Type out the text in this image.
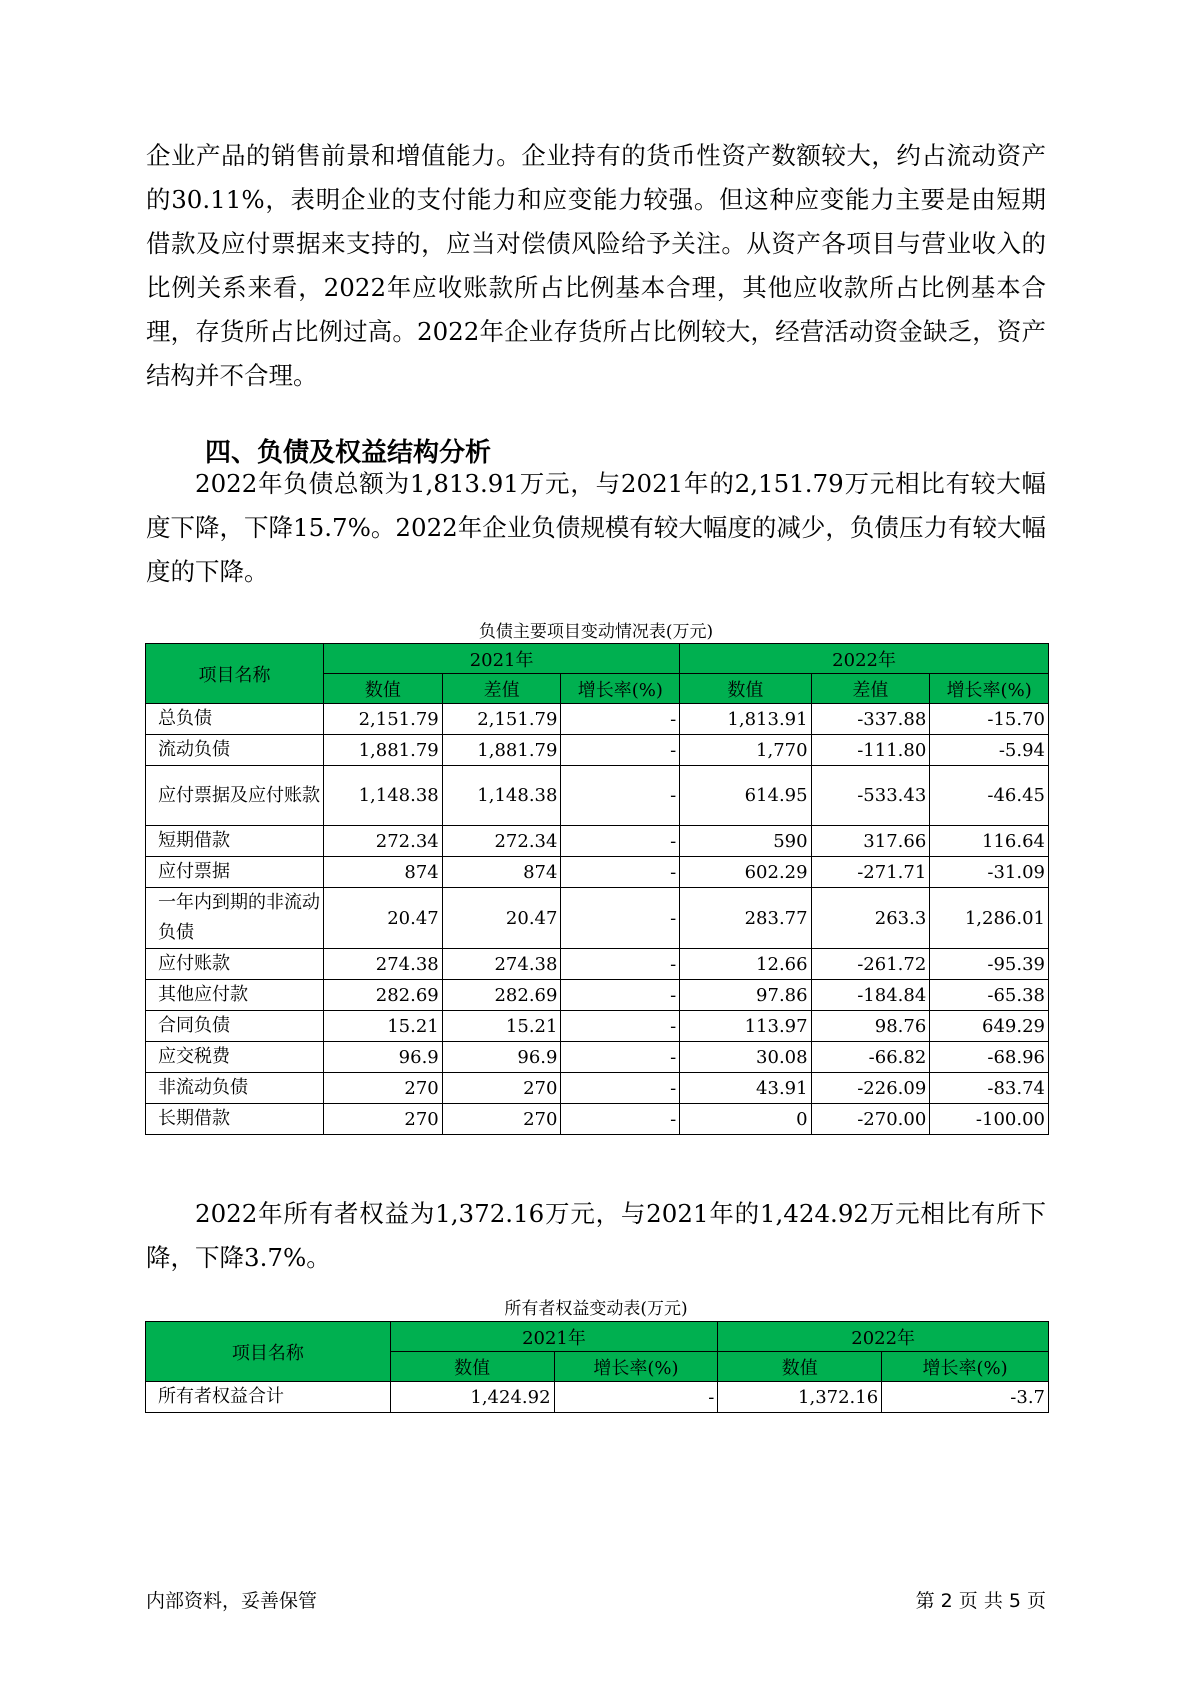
企业产品的销售前景和增值能力。企业持有的货币性资产数额较大，约占流动资产的30.11%，表明企业的支付能力和应变能力较强。但这种应变能力主要是由短期借款及应付票据来支持的，应当对偿债风险给予关注。从资产各项目与营业收入的比例关系来看，2022年应收账款所占比例基本合理，其他应收款所占比例基本合理，存货所占比例过高。2022年企业存货所占比例较大，经营活动资金缺乏，资产结构并不合理。

四、负债及权益结构分析

2022年负债总额为1,813.91万元，与2021年的2,151.79万元相比有较大幅度下降，下降15.7%。2022年企业负债规模有较大幅度的减少，负债压力有较大幅度的下降。

负债主要项目变动情况表(万元)
项目名称	2021年			2022年		
	数值	差值	增长率(%)	数值	差值	增长率(%)
总负债	2,151.79	2,151.79	-	1,813.91	-337.88	-15.70
流动负债	1,881.79	1,881.79	-	1,770	-111.80	-5.94
应付票据及应付账款	1,148.38	1,148.38	-	614.95	-533.43	-46.45
短期借款	272.34	272.34	-	590	317.66	116.64
应付票据	874	874	-	602.29	-271.71	-31.09
一年内到期的非流动负债	20.47	20.47	-	283.77	263.3	1,286.01
应付账款	274.38	274.38	-	12.66	-261.72	-95.39
其他应付款	282.69	282.69	-	97.86	-184.84	-65.38
合同负债	15.21	15.21	-	113.97	98.76	649.29
应交税费	96.9	96.9	-	30.08	-66.82	-68.96
非流动负债	270	270	-	43.91	-226.09	-83.74
长期借款	270	270	-	0	-270.00	-100.00

2022年所有者权益为1,372.16万元，与2021年的1,424.92万元相比有所下降，下降3.7%。

所有者权益变动表(万元)
项目名称	2021年		2022年	
	数值	增长率(%)	数值	增长率(%)
所有者权益合计	1,424.92	-	1,372.16	-3.7
内部资料，妥善保管	第 2 页 共 5 页
